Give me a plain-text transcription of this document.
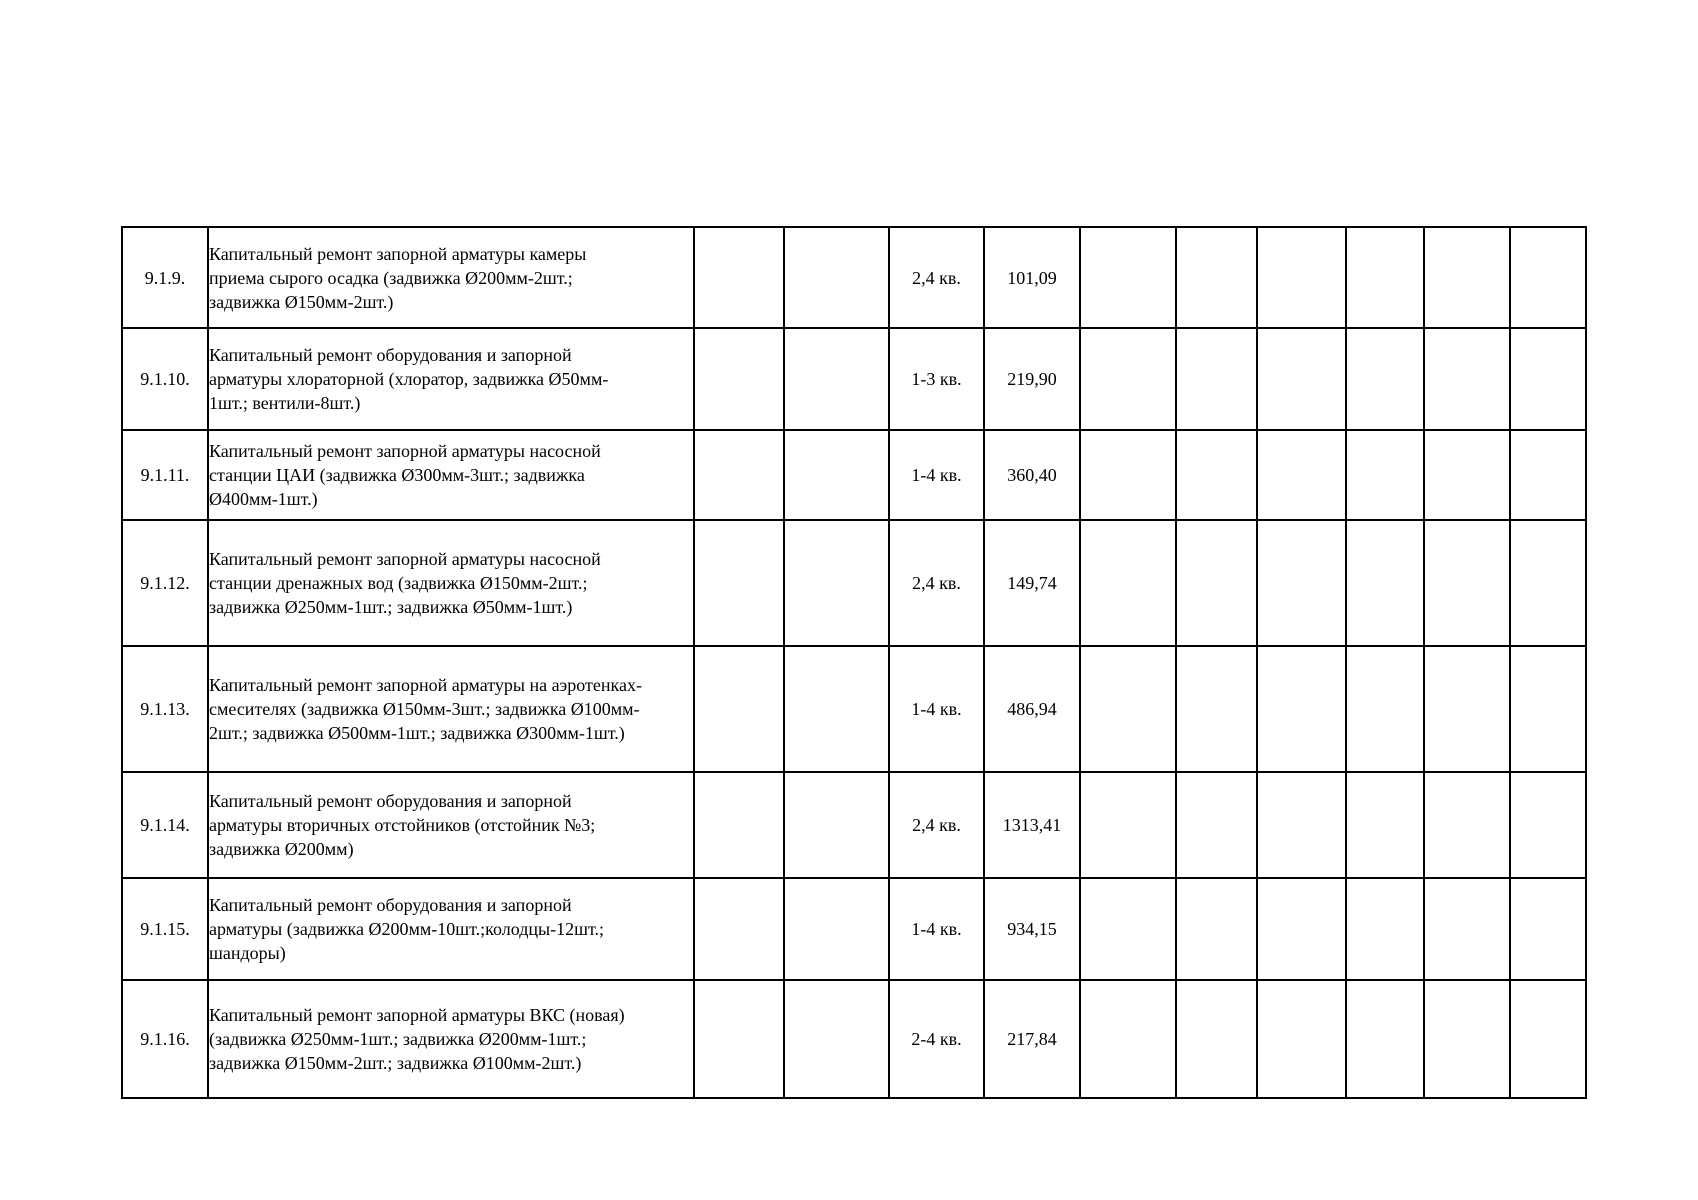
9.1.9.	Капитальный ремонт запорной арматуры камеры
приема сырого осадка (задвижка Ø200мм-2шт.;
задвижка Ø150мм-2шт.)			2,4 кв.	101,09						
9.1.10.	Капитальный ремонт оборудования и запорной
арматуры хлораторной (хлоратор, задвижка Ø50мм-
1шт.; вентили-8шт.)			1-3 кв.	219,90						
9.1.11.	Капитальный ремонт запорной арматуры насосной
станции ЦАИ (задвижка Ø300мм-3шт.; задвижка
Ø400мм-1шт.)			1-4 кв.	360,40						
9.1.12.	Капитальный ремонт запорной арматуры насосной
станции дренажных вод (задвижка Ø150мм-2шт.;
задвижка Ø250мм-1шт.; задвижка Ø50мм-1шт.)			2,4 кв.	149,74						
9.1.13.	Капитальный ремонт запорной арматуры на аэротенках-
смесителях (задвижка Ø150мм-3шт.; задвижка Ø100мм-
2шт.; задвижка Ø500мм-1шт.; задвижка Ø300мм-1шт.)			1-4 кв.	486,94						
9.1.14.	Капитальный ремонт оборудования и запорной
арматуры вторичных отстойников (отстойник №3;
задвижка Ø200мм)			2,4 кв.	1313,41						
9.1.15.	Капитальный ремонт оборудования и запорной
арматуры (задвижка Ø200мм-10шт.;колодцы-12шт.;
шандоры)			1-4 кв.	934,15						
9.1.16.	Капитальный ремонт запорной арматуры ВКС (новая)
(задвижка Ø250мм-1шт.; задвижка Ø200мм-1шт.;
задвижка Ø150мм-2шт.; задвижка Ø100мм-2шт.)			2-4 кв.	217,84						
